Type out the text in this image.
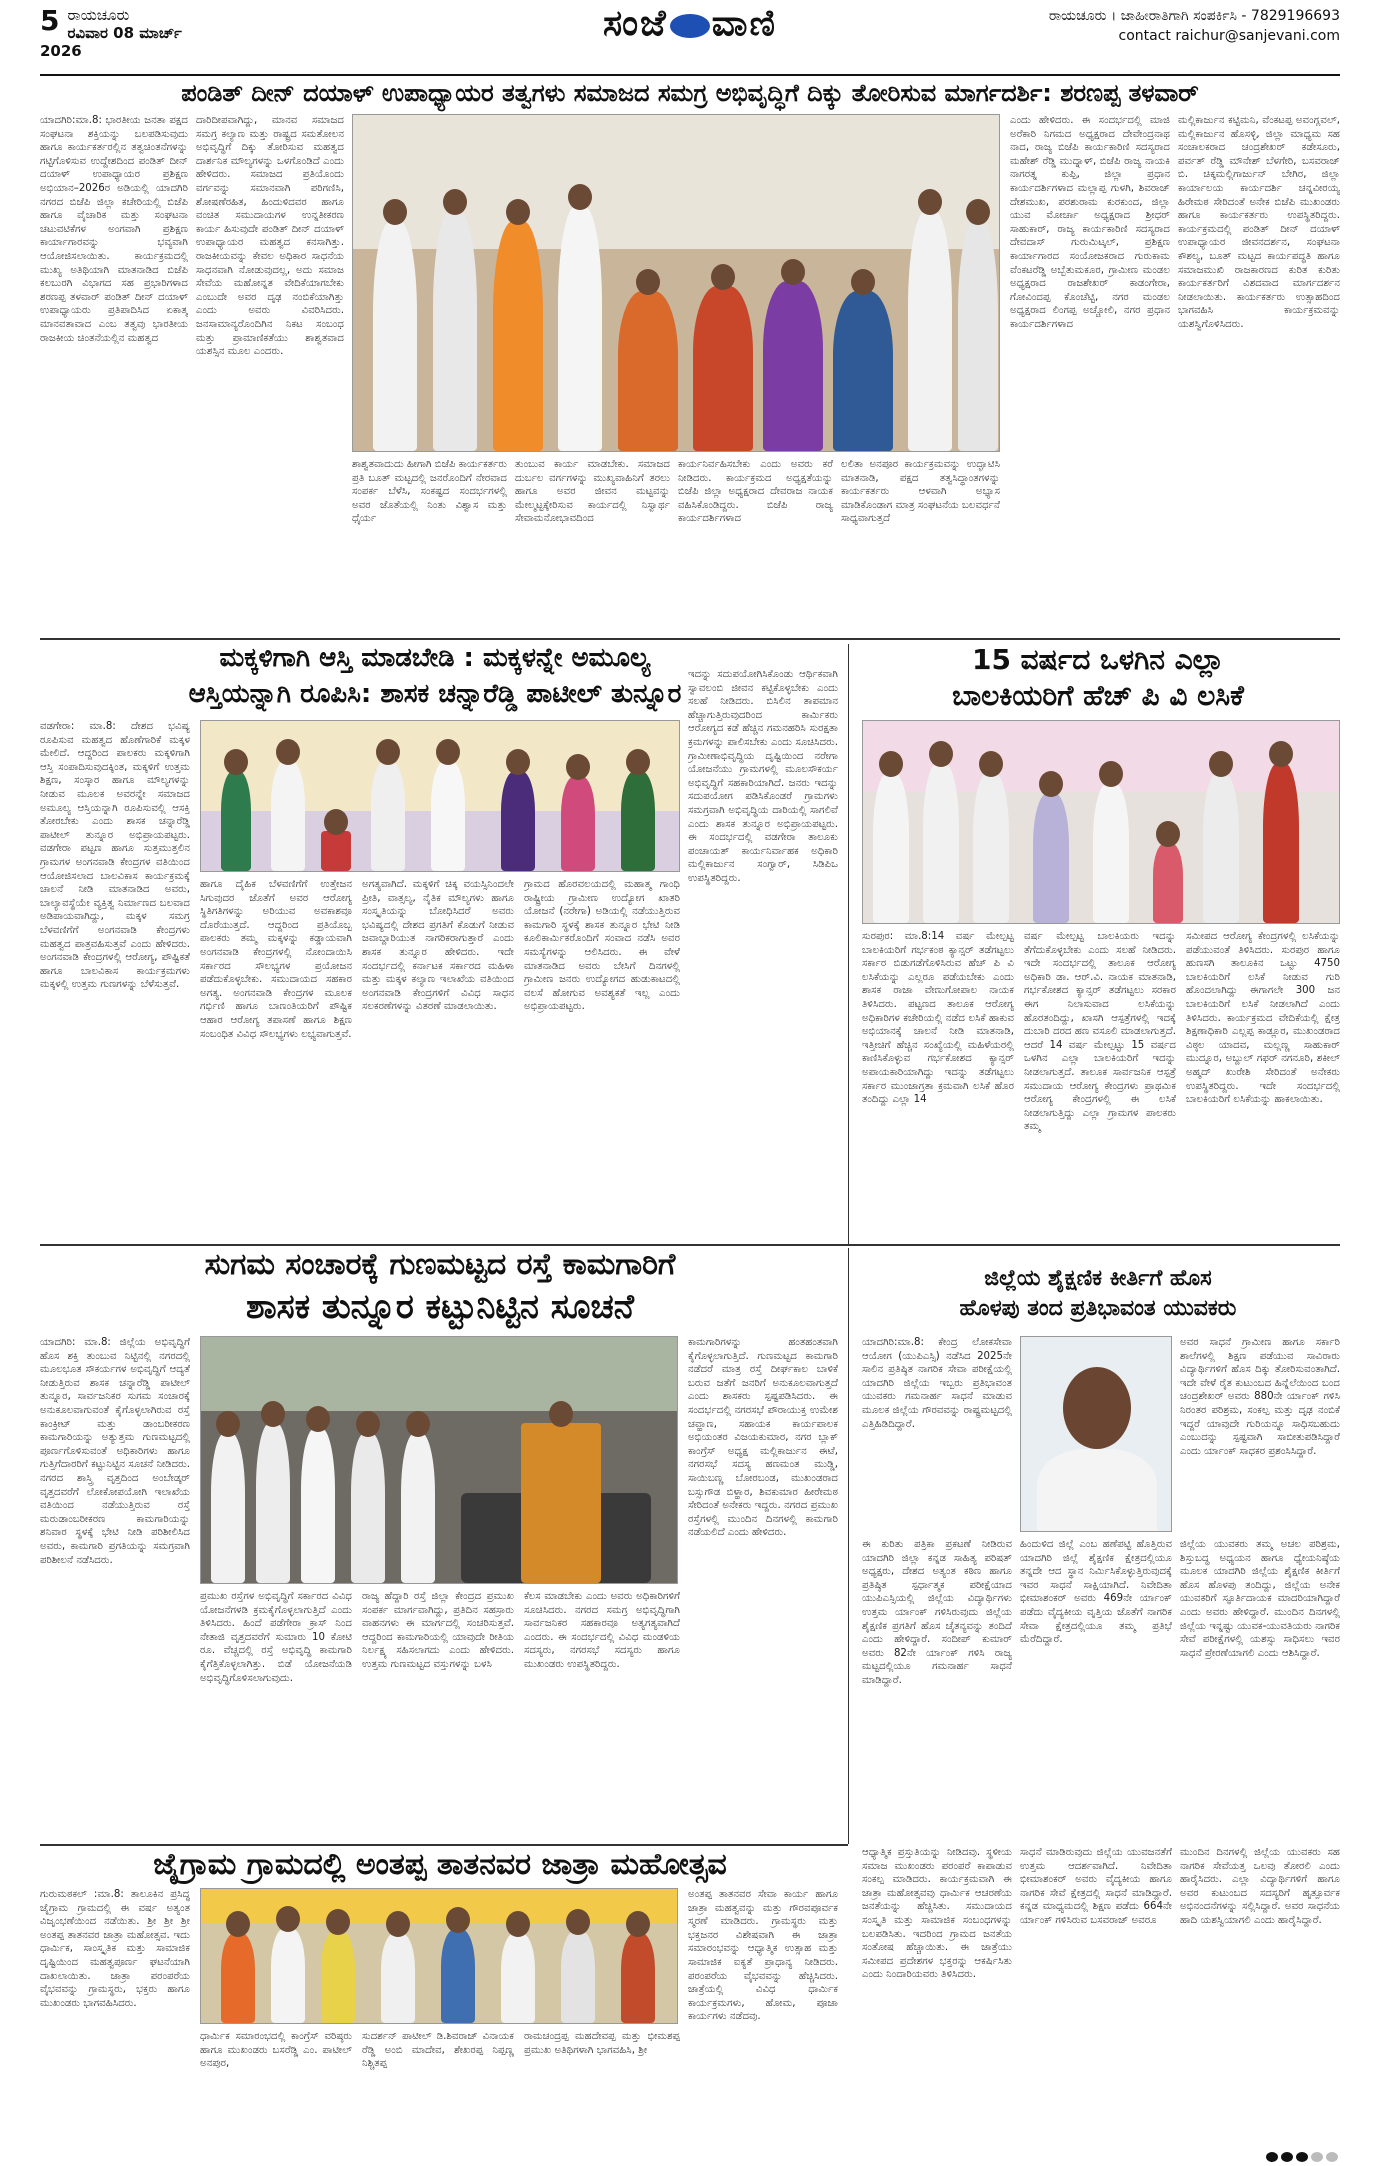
5 ರಾಯಚೂರು
ರವಿವಾರ 08 ಮಾರ್ಚ್ 2026
ಸಂಜೆ ವಾಣಿ	ರಾಯಚೂರು । ಜಾಹೀರಾತಿಗಾಗಿ ಸಂಪರ್ಕಿಸಿ - 7829196693
contact raichur@sanjevani.com
ಪಂಡಿತ್ ದೀನ್ ದಯಾಳ್ ಉಪಾಧ್ಯಾಯರ ತತ್ವಗಳು ಸಮಾಜದ ಸಮಗ್ರ ಅಭಿವೃದ್ಧಿಗೆ ದಿಕ್ಕು ತೋರಿಸುವ ಮಾರ್ಗದರ್ಶಿ: ಶರಣಪ್ಪ ತಳವಾರ್
ಯಾದಗಿರಿ:ಮಾ.8: ಭಾರತೀಯ ಜನತಾ ಪಕ್ಷದ ಸಂಘಟನಾ ಶಕ್ತಿಯನ್ನು ಬಲಪಡಿಸುವುದು ಹಾಗೂ ಕಾರ್ಯಕರ್ತರಲ್ಲಿನ ತತ್ವಚಿಂತನೆಗಳನ್ನು ಗಟ್ಟಿಗೊಳಿಸುವ ಉದ್ದೇಶದಿಂದ ಪಂಡಿತ್ ದೀನ್ ದಯಾಳ್ ಉಪಾಧ್ಯಾಯರ ಪ್ರಶಿಕ್ಷಣ ಅಭಿಯಾನ–2026ರ ಅಡಿಯಲ್ಲಿ ಯಾದಗಿರಿ ನಗರದ ಬಿಜೆಪಿ ಜಿಲ್ಲಾ ಕಚೇರಿಯಲ್ಲಿ ಬಿಜೆಪಿ ಹಾಗೂ ವೈಚಾರಿಕ ಮತ್ತು ಸಂಘಟನಾ ಚಟುವಟಿಕೆಗಳ ಅಂಗವಾಗಿ ಪ್ರಶಿಕ್ಷಣ ಕಾರ್ಯಾಗಾರವನ್ನು ಭವ್ಯವಾಗಿ ಆಯೋಜಿಸಲಾಯಿತು. ಕಾರ್ಯಕ್ರಮದಲ್ಲಿ ಮುಖ್ಯ ಅತಿಥಿಯಾಗಿ ಮಾತನಾಡಿದ ಬಿಜೆಪಿ ಕಲಬುರಗಿ ವಿಭಾಗದ ಸಹ ಪ್ರಭಾರಿಗಳಾದ ಶರಣಪ್ಪ ತಳವಾರ್ ಪಂಡಿತ್ ದೀನ್ ದಯಾಳ್ ಉಪಾಧ್ಯಾಯರು ಪ್ರತಿಪಾದಿಸಿದ ಏಕಾತ್ಮ ಮಾನವತಾವಾದ ಎಂಬ ತತ್ವವು ಭಾರತೀಯ ರಾಜಕೀಯ ಚಿಂತನೆಯಲ್ಲಿನ ಮಹತ್ವದ
ದಾರಿದೀಪವಾಗಿದ್ದು, ಮಾನವ ಸಮಾಜದ ಸಮಗ್ರ ಕಲ್ಯಾಣ ಮತ್ತು ರಾಷ್ಟ್ರದ ಸಮತೋಲನ ಅಭಿವೃದ್ಧಿಗೆ ದಿಕ್ಕು ತೋರಿಸುವ ಮಹತ್ವದ ದಾರ್ಶನಿಕ ಮೌಲ್ಯಗಳನ್ನು ಒಳಗೊಂಡಿದೆ ಎಂದು ಹೇಳಿದರು. ಸಮಾಜದ ಪ್ರತಿಯೊಂದು ವರ್ಗವನ್ನು ಸಮಾನವಾಗಿ ಪರಿಗಣಿಸಿ, ಶೋಷಣೆರಹಿತ, ಹಿಂದುಳಿದವರ ಹಾಗೂ ವಂಚಿತ ಸಮುದಾಯಗಳ ಉನ್ನತೀಕರಣ ಕಾರ್ಯ ಹಿಸುವುದೇ ಪಂಡಿತ್ ದೀನ್ ದಯಾಳ್ ಉಪಾಧ್ಯಾಯರ ಮಹತ್ವದ ಕನಸಾಗಿತ್ತು. ರಾಜಕೀಯವನ್ನು ಕೇವಲ ಅಧಿಕಾರ ಸಾಧನೆಯ ಸಾಧನವಾಗಿ ನೋಡುವುದಲ್ಲ, ಅದು ಸಮಾಜ ಸೇವೆಯ ಮಹೋನ್ನತ ವೇದಿಕೆಯಾಗಬೇಕು ಎಂಬುದೇ ಅವರ ದೃಢ ನಂಬಿಕೆಯಾಗಿತ್ತು ಎಂದು ಅವರು ವಿವರಿಸಿದರು. ಜನಸಾಮಾನ್ಯರೊಂದಿಗಿನ ನಿಕಟ ಸಂಬಂಧ ಮತ್ತು ಪ್ರಾಮಾಣಿಕತೆಯು ಶಾಶ್ವತವಾದ ಯಶಸ್ಸಿನ ಮೂಲ ಎಂದರು.
ಶಾಶ್ವತವಾದುದು ಹೀಗಾಗಿ ಬಿಜೆಪಿ ಕಾರ್ಯಕರ್ತರು ಪ್ರತಿ ಬೂತ್ ಮಟ್ಟದಲ್ಲಿ ಜನರೊಂದಿಗೆ ನೇರವಾದ ಸಂಪರ್ಕ ಬೆಳೆಸಿ, ಸಂಕಷ್ಟದ ಸಂದರ್ಭಗಳಲ್ಲಿ ಅವರ ಜೊತೆಯಲ್ಲಿ ನಿಂತು ವಿಶ್ವಾಸ ಮತ್ತು ಧೈರ್ಯ
ತುಂಬುವ ಕಾರ್ಯ ಮಾಡಬೇಕು. ಸಮಾಜದ ದುರ್ಬಲ ವರ್ಗಗಳನ್ನು ಮುಖ್ಯವಾಹಿನಿಗೆ ತರಲು ಹಾಗೂ ಅವರ ಜೀವನ ಮಟ್ಟವನ್ನು ಮೇಲ್ಮಟ್ಟಕ್ಕೇರಿಸುವ ಕಾರ್ಯದಲ್ಲಿ ನಿಸ್ವಾರ್ಥ ಸೇವಾಮನೋಭಾವದಿಂದ
ಕಾರ್ಯನಿರ್ವಹಿಸಬೇಕು ಎಂದು ಅವರು ಕರೆ ನೀಡಿದರು. ಕಾರ್ಯಕ್ರಮದ ಅಧ್ಯಕ್ಷತೆಯನ್ನು ಬಿಜೆಪಿ ಜಿಲ್ಲಾ ಅಧ್ಯಕ್ಷರಾದ ದೇವರಾಜ ನಾಯಕ ವಹಿಸಿಕೊಂಡಿದ್ದರು. ಬಿಜೆಪಿ ರಾಜ್ಯ ಕಾರ್ಯದರ್ಶಿಗಳಾದ
ಲಲಿತಾ ಅನಪೂರ ಕಾರ್ಯಕ್ರಮವನ್ನು ಉದ್ಘಾಟಿಸಿ ಮಾತನಾಡಿ, ಪಕ್ಷದ ತತ್ವಸಿದ್ಧಾಂತಗಳನ್ನು ಕಾರ್ಯಕರ್ತರು ಆಳವಾಗಿ ಅಭ್ಯಾಸ ಮಾಡಿಕೊಂಡಾಗ ಮಾತ್ರ ಸಂಘಟನೆಯ ಬಲವರ್ಧನೆ ಸಾಧ್ಯವಾಗುತ್ತದೆ
ಎಂದು ಹೇಳಿದರು. ಈ ಸಂದರ್ಭದಲ್ಲಿ ಮಾಜಿ ಅರೆಕಾರಿ ನಿಗಮದ ಅಧ್ಯಕ್ಷರಾದ ದೇವೇಂದ್ರನಾಥ ನಾದ, ರಾಜ್ಯ ಬಿಜೆಪಿ ಕಾರ್ಯಕಾರಿಣಿ ಸದಸ್ಯರಾದ ಮಹೇಶ್ ರೆಡ್ಡಿ ಮುದ್ನಾಳ್, ಬಿಜೆಪಿ ರಾಜ್ಯ ನಾಯಕಿ ನಾಗರತ್ನ ಕುಪ್ಪಿ, ಜಿಲ್ಲಾ ಪ್ರಧಾನ ಕಾರ್ಯದರ್ಶಿಗಳಾದ ಮಲ್ಲಾಪ್ಪ ಗುಳಗಿ, ಶಿವರಾಜ್ ದೇಶಮುಖ, ಪರಶುರಾಮ ಕುರಕುಂದ, ಜಿಲ್ಲಾ ಯುವ ಮೋರ್ಚಾ ಅಧ್ಯಕ್ಷರಾದ ಶ್ರೀಧರ್ ಸಾಹುಕಾರ್, ರಾಜ್ಯ ಕಾರ್ಯಕಾರಿಣಿ ಸದಸ್ಯರಾದ ದೇವದಾಸ್ ಗುರುಮಿಟ್ಕಲ್, ಪ್ರಶಿಕ್ಷಣ ಕಾರ್ಯಾಗಾರದ ಸಂಯೋಜಕರಾದ ಗುರುಕಾಮ ವೆಂಕಟರೆಡ್ಡಿ ಅಬ್ಬೆತುಮಕೂರ, ಗ್ರಾಮೀಣ ಮಂಡಲ ಅಧ್ಯಕ್ಷರಾದ ರಾಜಶೇಖರ್ ಕಾಡಂಗೇರಾ, ಗೋವಿಂದಪ್ಪ ಕೊಂಚೆಟ್ಟಿ, ನಗರ ಮಂಡಲ ಅಧ್ಯಕ್ಷರಾದ ಲಿಂಗಪ್ಪ ಅಚ್ಚೋಲಿ, ನಗರ ಪ್ರಧಾನ ಕಾರ್ಯದರ್ಶಿಗಳಾದ
ಮಲ್ಲಿಕಾರ್ಜುನ ಕಟ್ಟಿಮನಿ, ವೆಂಕಟಪ್ಪ ಅವಂಗ್ಲವಲ್, ಮಲ್ಲಿಕಾರ್ಜುನ ಹೊಸಳ್ಳಿ, ಜಿಲ್ಲಾ ಮಾಧ್ಯಮ ಸಹ ಸಂಚಾಲಕರಾದ ಚಂದ್ರಶೇಖರ್ ಕಡೇಸೂರು, ಪರ್ವತ್ ರೆಡ್ಡಿ ಮೌನೇಶ್ ಬೆಳಗೇರಿ, ಬಸವರಾಜ್ ಬಿ. ಚಿಕ್ಕಮಲ್ಲಿಗಾರ್ಜುನ್ ಬೇಗಿರ, ಜಿಲ್ಲಾ ಕಾರ್ಯಾಲಯ ಕಾರ್ಯದರ್ಶಿ ಚನ್ನವೀರಯ್ಯ ಹಿರೇಮಠ ಸೇರಿದಂತೆ ಅನೇಕ ಬಿಜೆಪಿ ಮುಖಂಡರು ಹಾಗೂ ಕಾರ್ಯಕರ್ತರು ಉಪಸ್ಥಿತರಿದ್ದರು. ಕಾರ್ಯಕ್ರಮದಲ್ಲಿ ಪಂಡಿತ್ ದೀನ್ ದಯಾಳ್ ಉಪಾಧ್ಯಾಯರ ಜೀವನದರ್ಶನ, ಸಂಘಟನಾ ಕೌಶಲ್ಯ, ಬೂತ್ ಮಟ್ಟದ ಕಾರ್ಯಪದ್ಧತಿ ಹಾಗೂ ಸಮಾಜಮುಖಿ ರಾಜಕಾರಣದ ಕುರಿತ ಕುರಿತು ಕಾರ್ಯಕರ್ತರಿಗೆ ವಿಶದವಾದ ಮಾರ್ಗದರ್ಶನ ನೀಡಲಾಯಿತು. ಕಾರ್ಯಕರ್ತರು ಉತ್ಸಾಹದಿಂದ ಭಾಗವಹಿಸಿ ಕಾರ್ಯಕ್ರಮವನ್ನು ಯಶಸ್ವಿಗೊಳಿಸಿದರು.
ಮಕ್ಕಳಿಗಾಗಿ ಆಸ್ತಿ ಮಾಡಬೇಡಿ : ಮಕ್ಕಳನ್ನೇ ಅಮೂಲ್ಯ
ಆಸ್ತಿಯನ್ನಾಗಿ ರೂಪಿಸಿ: ಶಾಸಕ ಚನ್ನಾರೆಡ್ಡಿ ಪಾಟೀಲ್ ತುನ್ನೂರ
ವಡಗೇರಾ: ಮಾ.8: ದೇಶದ ಭವಿಷ್ಯ ರೂಪಿಸುವ ಮಹತ್ವದ ಹೊಣೆಗಾರಿಕೆ ಮಕ್ಕಳ ಮೇಲಿದೆ. ಆದ್ದರಿಂದ ಪಾಲಕರು ಮಕ್ಕಳಿಗಾಗಿ ಆಸ್ತಿ ಸಂಪಾದಿಸುವುದಕ್ಕಿಂತ, ಮಕ್ಕಳಿಗೆ ಉತ್ತಮ ಶಿಕ್ಷಣ, ಸಂಸ್ಕಾರ ಹಾಗೂ ಮೌಲ್ಯಗಳನ್ನು ನೀಡುವ ಮೂಲಕ ಅವರನ್ನೇ ಸಮಾಜದ ಅಮೂಲ್ಯ ಆಸ್ತಿಯನ್ನಾಗಿ ರೂಪಿಸುವಲ್ಲಿ ಆಸಕ್ತಿ ತೋರಬೇಕು ಎಂದು ಶಾಸಕ ಚನ್ನಾರೆಡ್ಡಿ ಪಾಟೀಲ್ ತುನ್ನೂರ ಅಭಿಪ್ರಾಯಪಟ್ಟರು. ವಡಗೇರಾ ಪಟ್ಟಣ ಹಾಗೂ ಸುತ್ತಮುತ್ತಲಿನ ಗ್ರಾಮಗಳ ಅಂಗನವಾಡಿ ಕೇಂದ್ರಗಳ ವತಿಯಿಂದ ಆಯೋಜಿಸಲಾದ ಬಾಲವಿಕಾಸ ಕಾರ್ಯಕ್ರಮಕ್ಕೆ ಚಾಲನೆ ನೀಡಿ ಮಾತನಾಡಿದ ಅವರು, ಬಾಲ್ಯಾವಸ್ಥೆಯೇ ವ್ಯಕ್ತಿತ್ವ ನಿರ್ಮಾಣದ ಬಲವಾದ ಅಡಿಪಾಯವಾಗಿದ್ದು, ಮಕ್ಕಳ ಸಮಗ್ರ ಬೆಳವಣಿಗೆಗೆ ಅಂಗನವಾಡಿ ಕೇಂದ್ರಗಳು ಮಹತ್ವದ ಪಾತ್ರವಹಿಸುತ್ತವೆ ಎಂದು ಹೇಳಿದರು. ಅಂಗನವಾಡಿ ಕೇಂದ್ರಗಳಲ್ಲಿ ಆರೋಗ್ಯ, ಪೌಷ್ಟಿಕತೆ ಹಾಗೂ ಬಾಲವಿಕಾಸ ಕಾರ್ಯಕ್ರಮಗಳು ಮಕ್ಕಳಲ್ಲಿ ಉತ್ತಮ ಗುಣಗಳನ್ನು ಬೆಳೆಸುತ್ತವೆ.
ಹಾಗೂ ದೈಹಿಕ ಬೆಳವಣಿಗೆಗೆ ಉತ್ತೇಜನ ಸಿಗುವುದರ ಜೊತೆಗೆ ಅವರ ಆರೋಗ್ಯ ಸ್ಥಿತಿಗತಿಗಳನ್ನು ಅರಿಯುವ ಅವಕಾಶವೂ ದೊರೆಯುತ್ತದೆ. ಆದ್ದರಿಂದ ಪ್ರತಿಯೊಬ್ಬ ಪಾಲಕರು ತಮ್ಮ ಮಕ್ಕಳನ್ನು ಕಡ್ಡಾಯವಾಗಿ ಅಂಗನವಾಡಿ ಕೇಂದ್ರಗಳಲ್ಲಿ ನೋಂದಾಯಿಸಿ ಸರ್ಕಾರದ ಸೌಲಭ್ಯಗಳ ಪ್ರಯೋಜನ ಪಡೆದುಕೊಳ್ಳಬೇಕು. ಸಮುದಾಯದ ಸಹಕಾರ ಅಗತ್ಯ. ಅಂಗನವಾಡಿ ಕೇಂದ್ರಗಳ ಮೂಲಕ ಗರ್ಭಿಣಿ ಹಾಗೂ ಬಾಣಂತಿಯರಿಗೆ ಪೌಷ್ಟಿಕ ಆಹಾರ ಆರೋಗ್ಯ ತಪಾಸಣೆ ಹಾಗೂ ಶಿಕ್ಷಣ ಸಂಬಂಧಿತ ವಿವಿಧ ಸೌಲಭ್ಯಗಳು ಲಭ್ಯವಾಗುತ್ತವೆ.
ಅಗತ್ಯವಾಗಿದೆ. ಮಕ್ಕಳಿಗೆ ಚಿಕ್ಕ ವಯಸ್ಸಿನಿಂದಲೇ ಪ್ರೀತಿ, ವಾತ್ಸಲ್ಯ, ನೈತಿಕ ಮೌಲ್ಯಗಳು ಹಾಗೂ ಸಂಸ್ಕೃತಿಯನ್ನು ಬೋಧಿಸಿದರೆ ಅವರು ಭವಿಷ್ಯದಲ್ಲಿ ದೇಶದ ಪ್ರಗತಿಗೆ ಕೊಡುಗೆ ನೀಡುವ ಜವಾಬ್ದಾರಿಯುತ ನಾಗರಿಕರಾಗುತ್ತಾರೆ ಎಂದು ಶಾಸಕ ತುನ್ನೂರ ಹೇಳಿದರು. ಇದೇ ಸಂದರ್ಭದಲ್ಲಿ ಕರ್ನಾಟಕ ಸರ್ಕಾರದ ಮಹಿಳಾ ಮತ್ತು ಮಕ್ಕಳ ಕಲ್ಯಾಣ ಇಲಾಖೆಯ ವತಿಯಿಂದ ಅಂಗನವಾಡಿ ಕೇಂದ್ರಗಳಿಗೆ ವಿವಿಧ ಸಾಧನ ಸಲಕರಣೆಗಳನ್ನು ವಿತರಣೆ ಮಾಡಲಾಯಿತು.
ಗ್ರಾಮದ ಹೊರವಲಯದಲ್ಲಿ ಮಹಾತ್ಮ ಗಾಂಧಿ ರಾಷ್ಟ್ರೀಯ ಗ್ರಾಮೀಣ ಉದ್ಯೋಗ ಖಾತರಿ ಯೋಜನೆ (ನರೇಗಾ) ಅಡಿಯಲ್ಲಿ ನಡೆಯುತ್ತಿರುವ ಕಾಮಗಾರಿ ಸ್ಥಳಕ್ಕೆ ಶಾಸಕ ತುನ್ನೂರ ಭೇಟಿ ನೀಡಿ ಕೂಲಿಕಾರ್ಮಿಕರೊಂದಿಗೆ ಸಂವಾದ ನಡೆಸಿ ಅವರ ಸಮಸ್ಯೆಗಳನ್ನು ಆಲಿಸಿದರು. ಈ ವೇಳೆ ಮಾತನಾಡಿದ ಅವರು ಬೇಸಿಗೆ ದಿನಗಳಲ್ಲಿ ಗ್ರಾಮೀಣ ಜನರು ಉದ್ಯೋಗದ ಹುಡುಕಾಟದಲ್ಲಿ ವಲಸೆ ಹೋಗುವ ಅವಶ್ಯಕತೆ ಇಲ್ಲ ಎಂದು ಅಭಿಪ್ರಾಯಪಟ್ಟರು.
ಇದನ್ನು ಸದುಪಯೋಗಿಸಿಕೊಂಡು ಆರ್ಥಿಕವಾಗಿ ಸ್ವಾವಲಂಬಿ ಜೀವನ ಕಟ್ಟಿಕೊಳ್ಳಬೇಕು ಎಂದು ಸಲಹೆ ನೀಡಿದರು. ಬಿಸಿಲಿನ ತಾಪಮಾನ ಹೆಚ್ಚಾಗುತ್ತಿರುವುದರಿಂದ ಕಾರ್ಮಿಕರು ಆರೋಗ್ಯದ ಕಡೆ ಹೆಚ್ಚಿನ ಗಮನಹರಿಸಿ ಸುರಕ್ಷತಾ ಕ್ರಮಗಳನ್ನು ಪಾಲಿಸಬೇಕು ಎಂದು ಸೂಚಿಸಿದರು. ಗ್ರಾಮೀಣಾಭಿವೃದ್ಧಿಯ ದೃಷ್ಟಿಯಿಂದ ನರೇಗಾ ಯೋಜನೆಯು ಗ್ರಾಮಗಳಲ್ಲಿ ಮೂಲಸೌಕರ್ಯ ಅಭಿವೃದ್ಧಿಗೆ ಸಹಕಾರಿಯಾಗಿದೆ. ಜನರು ಇದನ್ನು ಸದುಪಯೋಗ ಪಡಿಸಿಕೊಂಡರೆ ಗ್ರಾಮಗಳು ಸಮಗ್ರವಾಗಿ ಅಭಿವೃದ್ಧಿಯ ದಾರಿಯಲ್ಲಿ ಸಾಗಲಿವೆ ಎಂದು ಶಾಸಕ ತುನ್ನೂರ ಅಭಿಪ್ರಾಯಪಟ್ಟರು. ಈ ಸಂದರ್ಭದಲ್ಲಿ ವಡಗೇರಾ ತಾಲೂಕು ಪಂಚಾಯತ್ ಕಾರ್ಯನಿರ್ವಾಹಕ ಅಧಿಕಾರಿ ಮಲ್ಲಿಕಾರ್ಜುನ ಸಂಗ್ವಾರ್, ಸಿಡಿಪಿಒ ಉಪಸ್ಥಿತರಿದ್ದರು.
15 ವರ್ಷದ ಒಳಗಿನ ಎಲ್ಲಾ
ಬಾಲಕಿಯರಿಗೆ ಹೆಚ್ ಪಿ ವಿ ಲಸಿಕೆ
ಸುರಪುರ: ಮಾ.8:14 ವರ್ಷ ಮೇಲ್ಪಟ್ಟ ಬಾಲಕಿಯರಿಗೆ ಗರ್ಭಕಂಠ ಕ್ಯಾನ್ಸರ್ ತಡೆಗಟ್ಟಲು ಸರ್ಕಾರ ಬಿಡುಗಡೆಗೊಳಿಸಿರುವ ಹೆಚ್ ಪಿ ವಿ ಲಸಿಕೆಯನ್ನು ಎಲ್ಲರೂ ಪಡೆಯಬೇಕು ಎಂದು ಶಾಸಕ ರಾಜಾ ವೇಣುಗೋಪಾಲ ನಾಯಕ ತಿಳಿಸಿದರು. ಪಟ್ಟಣದ ತಾಲೂಕ ಆರೋಗ್ಯ ಅಧಿಕಾರಿಗಳ ಕಚೇರಿಯಲ್ಲಿ ನಡೆದ ಲಸಿಕೆ ಹಾಕುವ ಅಭಿಯಾನಕ್ಕೆ ಚಾಲನೆ ನೀಡಿ ಮಾತನಾಡಿ, ಇತ್ತೀಚಿಗೆ ಹೆಚ್ಚಿನ ಸಂಖ್ಯೆಯಲ್ಲಿ ಮಹಿಳೆಯರಲ್ಲಿ ಕಾಣಿಸಿಕೊಳ್ಳುವ ಗರ್ಭಕೋಶದ ಕ್ಯಾನ್ಸರ್ ಅಪಾಯಕಾರಿಯಾಗಿದ್ದು ಇದನ್ನು ತಡೆಗಟ್ಟಲು ಸರ್ಕಾರ ಮುಂಜಾಗ್ರತಾ ಕ್ರಮವಾಗಿ ಲಸಿಕೆ ಹೊರ ತಂದಿದ್ದು ಎಲ್ಲಾ 14
ವರ್ಷ ಮೇಲ್ಪಟ್ಟ ಬಾಲಕಿಯರು ಇದನ್ನು ತೆಗೆದುಕೊಳ್ಳಬೇಕು ಎಂದು ಸಲಹೆ ನೀಡಿದರು. ಇದೇ ಸಂದರ್ಭದಲ್ಲಿ ತಾಲೂಕ ಆರೋಗ್ಯ ಅಧಿಕಾರಿ ಡಾ. ಆರ್.ವಿ. ನಾಯಕ ಮಾತನಾಡಿ, ಗರ್ಭಕೋಶದ ಕ್ಯಾನ್ಸರ್ ತಡೆಗಟ್ಟಲು ಸರಕಾರ ಈಗ ನಿಲಾಸುವಾದ ಲಸಿಕೆಯನ್ನು ಹೊರತಂದಿದ್ದು, ಖಾಸಗಿ ಆಸ್ಪತ್ರೆಗಳಲ್ಲಿ ಇದಕ್ಕೆ ದುಬಾರಿ ದರದ ಹಣ ವಸೂಲಿ ಮಾಡಲಾಗುತ್ತದೆ. ಆದರೆ 14 ವರ್ಷ ಮೇಲ್ಪಟ್ಟು 15 ವರ್ಷದ ಒಳಗಿನ ಎಲ್ಲಾ ಬಾಲಕಿಯರಿಗೆ ಇದನ್ನು ನೀಡಲಾಗುತ್ತದೆ. ತಾಲೂಕ ಸಾರ್ವಜನಿಕ ಆಸ್ಪತ್ರೆ ಸಮುದಾಯ ಆರೋಗ್ಯ ಕೇಂದ್ರಗಳು ಪ್ರಾಥಮಿಕ ಆರೋಗ್ಯ ಕೇಂದ್ರಗಳಲ್ಲಿ ಈ ಲಸಿಕೆ ನೀಡಲಾಗುತ್ತಿದ್ದು ಎಲ್ಲಾ ಗ್ರಾಮಗಳ ಪಾಲಕರು ತಮ್ಮ
ಸಮೀಪದ ಆರೋಗ್ಯ ಕೇಂದ್ರಗಳಲ್ಲಿ ಲಸಿಕೆಯನ್ನು ಪಡೆಯುವಂತೆ ತಿಳಿಸಿದರು. ಸುರಪುರ ಹಾಗೂ ಹುಣಸಗಿ ತಾಲೂಕಿನ ಒಟ್ಟು 4750 ಬಾಲಕಿಯರಿಗೆ ಲಸಿಕೆ ನೀಡುವ ಗುರಿ ಹೊಂದಲಾಗಿದ್ದು ಈಗಾಗಲೇ 300 ಜನ ಬಾಲಕಿಯರಿಗೆ ಲಸಿಕೆ ನೀಡಲಾಗಿದೆ ಎಂದು ತಿಳಿಸಿದರು. ಕಾರ್ಯಕ್ರಮದ ವೇದಿಕೆಯಲ್ಲಿ ಕ್ಷೇತ್ರ ಶಿಕ್ಷಣಾಧಿಕಾರಿ ಎಲ್ಲಪ್ಪ ಕಾಡ್ಲೂರ, ಮುಖಂಡರಾದ ವಿಠ್ಠಲ ಯಾದವ, ಮಲ್ಲಣ್ಣ ಸಾಹುಕಾರ್ ಮುದ್ನೂರ, ಅಬ್ದುಲ್ ಗಫರ್ ನಗನೂರಿ, ಶಕೀಲ್ ಅಹ್ಮದ್ ಖುರೇಶಿ ಸೇರಿದಂತೆ ಅನೇಕರು ಉಪಸ್ಥಿತರಿದ್ದರು. ಇದೇ ಸಂದರ್ಭದಲ್ಲಿ ಬಾಲಕಿಯರಿಗೆ ಲಸಿಕೆಯನ್ನು ಹಾಕಲಾಯಿತು.
ಸುಗಮ ಸಂಚಾರಕ್ಕೆ ಗುಣಮಟ್ಟದ ರಸ್ತೆ ಕಾಮಗಾರಿಗೆ
ಶಾಸಕ ತುನ್ನೂರ ಕಟ್ಟುನಿಟ್ಟಿನ ಸೂಚನೆ
ಯಾದಗಿರಿ: ಮಾ.8: ಜಿಲ್ಲೆಯ ಅಭಿವೃದ್ಧಿಗೆ ಹೊಸ ಶಕ್ತಿ ತುಂಬುವ ನಿಟ್ಟಿನಲ್ಲಿ ನಗರದಲ್ಲಿ ಮೂಲಭೂತ ಸೌಕರ್ಯಗಳ ಅಭಿವೃದ್ಧಿಗೆ ಆದ್ಯತೆ ನೀಡುತ್ತಿರುವ ಶಾಸಕ ಚನ್ನಾರೆಡ್ಡಿ ಪಾಟೀಲ್ ತುನ್ನೂರ, ಸಾರ್ವಜನಿಕರ ಸುಗಮ ಸಂಚಾರಕ್ಕೆ ಅನುಕೂಲವಾಗುವಂತೆ ಕೈಗೊಳ್ಳಲಾಗಿರುವ ರಸ್ತೆ ಕಾಂಕ್ರೀಟ್ ಮತ್ತು ಡಾಂಬರೀಕರಣ ಕಾಮಗಾರಿಯನ್ನು ಅತ್ಯುತ್ತಮ ಗುಣಮಟ್ಟದಲ್ಲಿ ಪೂರ್ಣಗೊಳಿಸುವಂತೆ ಅಧಿಕಾರಿಗಳು ಹಾಗೂ ಗುತ್ತಿಗೆದಾರರಿಗೆ ಕಟ್ಟುನಿಟ್ಟಿನ ಸೂಚನೆ ನೀಡಿದರು. ನಗರದ ಶಾಸ್ತ್ರಿ ವೃತ್ತದಿಂದ ಅಂಬೇಡ್ಕರ್ ವೃತ್ತದವರೆಗೆ ಲೋಕೋಪಯೋಗಿ ಇಲಾಖೆಯ ವತಿಯಿಂದ ನಡೆಯುತ್ತಿರುವ ರಸ್ತೆ ಮರುಡಾಂಬರೀಕರಣ ಕಾಮಗಾರಿಯನ್ನು ಶನಿವಾರ ಸ್ಥಳಕ್ಕೆ ಭೇಟಿ ನೀಡಿ ಪರಿಶೀಲಿಸಿದ ಅವರು, ಕಾಮಗಾರಿ ಪ್ರಗತಿಯನ್ನು ಸಮಗ್ರವಾಗಿ ಪರಿಶೀಲನೆ ನಡೆಸಿದರು.
ಪ್ರಮುಖ ರಸ್ತೆಗಳ ಅಭಿವೃದ್ಧಿಗೆ ಸರ್ಕಾರದ ವಿವಿಧ ಯೋಜನೆಗಳಡಿ ಕ್ರಮಕೈಗೊಳ್ಳಲಾಗುತ್ತಿದೆ ಎಂದು ತಿಳಿಸಿದರು. ಹಿಂದೆ ಪಡೆಗೇರಾ ಕ್ರಾಸ್ ನಿಂದ ನೇತಾಜಿ ವೃತ್ತದವರೆಗೆ ಸುಮಾರು 10 ಕೋಟಿ ರೂ. ವೆಚ್ಚದಲ್ಲಿ ರಸ್ತೆ ಅಭಿವೃದ್ಧಿ ಕಾಮಗಾರಿ ಕೈಗೆತ್ತಿಕೊಳ್ಳಲಾಗಿತ್ತು. ಬಿಡೆ ಯೋಜನೆಯಡಿ ಅಭಿವೃದ್ಧಿಗೊಳಿಸಲಾಗುವುದು.
ರಾಜ್ಯ ಹೆದ್ದಾರಿ ರಸ್ತೆ ಜಿಲ್ಲಾ ಕೇಂದ್ರದ ಪ್ರಮುಖ ಸಂಪರ್ಕ ಮಾರ್ಗವಾಗಿದ್ದು, ಪ್ರತಿದಿನ ಸಹಸ್ರಾರು ವಾಹನಗಳು ಈ ಮಾರ್ಗದಲ್ಲಿ ಸಂಚರಿಸುತ್ತವೆ. ಆದ್ದರಿಂದ ಕಾಮಗಾರಿಯಲ್ಲಿ ಯಾವುದೇ ರೀತಿಯ ನಿರ್ಲಕ್ಷ್ಯ ಸಹಿಸಲಾಗದು ಎಂದು ಹೇಳಿದರು. ಉತ್ತಮ ಗುಣಮಟ್ಟದ ವಸ್ತುಗಳನ್ನು ಬಳಸಿ
ಕೆಲಸ ಮಾಡಬೇಕು ಎಂದು ಅವರು ಅಧಿಕಾರಿಗಳಿಗೆ ಸೂಚಿಸಿದರು. ನಗರದ ಸಮಗ್ರ ಅಭಿವೃದ್ಧಿಗಾಗಿ ಸಾರ್ವಜನಿಕರ ಸಹಕಾರವೂ ಅತ್ಯಗತ್ಯವಾಗಿದೆ ಎಂದರು. ಈ ಸಂದರ್ಭದಲ್ಲಿ ವಿವಿಧ ಮಂಡಳಿಯ ಸದಸ್ಯರು, ನಗರಸಭೆ ಸದಸ್ಯರು ಹಾಗೂ ಮುಖಂಡರು ಉಪಸ್ಥಿತರಿದ್ದರು.
ಕಾಮಗಾರಿಗಳನ್ನು ಹಂತಹಂತವಾಗಿ ಕೈಗೊಳ್ಳಲಾಗುತ್ತಿದೆ. ಗುಣಮಟ್ಟದ ಕಾಮಗಾರಿ ನಡೆದರೆ ಮಾತ್ರ ರಸ್ತೆ ದೀರ್ಘಕಾಲ ಬಾಳಿಕೆ ಬರುವ ಜತೆಗೆ ಜನರಿಗೆ ಅನುಕೂಲವಾಗುತ್ತದೆ ಎಂದು ಶಾಸಕರು ಸ್ಪಷ್ಟಪಡಿಸಿದರು. ಈ ಸಂದರ್ಭದಲ್ಲಿ ನಗರಸಭೆ ಪೌರಾಯುಕ್ತ ಉಮೇಶ ಚವ್ಹಾಣ, ಸಹಾಯಕ ಕಾರ್ಯಪಾಲಕ ಅಭಿಯಂತರ ವಿಜಯಕುಮಾರ, ನಗರ ಬ್ಲಾಕ್ ಕಾಂಗ್ರೆಸ್ ಅಧ್ಯಕ್ಷ ಮಲ್ಲಿಕಾರ್ಜುನ ಈಟೆ, ನಗರಸಭೆ ಸದಸ್ಯ ಹಣಮಂತ ಮುಡ್ಡಿ, ಸಾಯಿಬಣ್ಣ ಬೋರಬಂಡ, ಮುಖಂಡರಾದ ಬಸ್ಸುಗೌಡ ಬಿಳ್ಹಾರ, ಶಿವಕುಮಾರ ಹೀರೇಮಠ ಸೇರಿದಂತೆ ಅನೇಕರು ಇದ್ದರು. ನಗರದ ಪ್ರಮುಖ ರಸ್ತೆಗಳಲ್ಲಿ ಮುಂದಿನ ದಿನಗಳಲ್ಲಿ ಕಾಮಗಾರಿ ನಡೆಯಲಿದೆ ಎಂದು ಹೇಳಿದರು.
ಜಿಲ್ಲೆಯ ಶೈಕ್ಷಣಿಕ ಕೀರ್ತಿಗೆ ಹೊಸ
ಹೊಳಪು ತಂದ ಪ್ರತಿಭಾವಂತ ಯುವಕರು
ಯಾದಗಿರಿ:ಮಾ.8: ಕೇಂದ್ರ ಲೋಕಸೇವಾ ಆಯೋಗ (ಯುಪಿಎಸ್ಸಿ) ನಡೆಸಿದ 2025ನೇ ಸಾಲಿನ ಪ್ರತಿಷ್ಠಿತ ನಾಗರಿಕ ಸೇವಾ ಪರೀಕ್ಷೆಯಲ್ಲಿ ಯಾದಗಿರಿ ಜಿಲ್ಲೆಯ ಇಬ್ಬರು ಪ್ರತಿಭಾವಂತ ಯುವಕರು ಗಮನಾರ್ಹ ಸಾಧನೆ ಮಾಡುವ ಮೂಲಕ ಜಿಲ್ಲೆಯ ಗೌರವವನ್ನು ರಾಷ್ಟ್ರಮಟ್ಟದಲ್ಲಿ ಎತ್ತಿಹಿಡಿದಿದ್ದಾರೆ.
ಅವರ ಸಾಧನೆ ಗ್ರಾಮೀಣ ಹಾಗೂ ಸರ್ಕಾರಿ ಶಾಲೆಗಳಲ್ಲಿ ಶಿಕ್ಷಣ ಪಡೆಯುವ ಸಾವಿರಾರು ವಿದ್ಯಾರ್ಥಿಗಳಿಗೆ ಹೊಸ ದಿಕ್ಕು ತೋರಿಸುವಂತಾಗಿದೆ. ಇದೇ ವೇಳೆ ರೈತ ಕುಟುಂಬದ ಹಿನ್ನೆಲೆಯಿಂದ ಬಂದ ಚಂದ್ರಶೇಖರ್ ಅವರು 880ನೇ ರ್ಯಾಂಕ್ ಗಳಿಸಿ ನಿರಂತರ ಪರಿಶ್ರಮ, ಸಂಕಲ್ಪ ಮತ್ತು ದೃಢ ನಂಬಿಕೆ ಇದ್ದರೆ ಯಾವುದೇ ಗುರಿಯನ್ನೂ ಸಾಧಿಸಬಹುದು ಎಂಬುದನ್ನು ಸ್ಪಷ್ಟವಾಗಿ ಸಾಬೀತುಪಡಿಸಿದ್ದಾರೆ ಎಂದು ರ್ಯಾಂಕ್ ಸಾಧಕರ ಪ್ರಶಂಸಿಸಿದ್ದಾರೆ.
ಈ ಕುರಿತು ಪತ್ರಿಕಾ ಪ್ರಕಟಣೆ ನೀಡಿರುವ ಯಾದಗಿರಿ ಜಿಲ್ಲಾ ಕನ್ನಡ ಸಾಹಿತ್ಯ ಪರಿಷತ್ ಅಧ್ಯಕ್ಷರು, ದೇಶದ ಅತ್ಯಂತ ಕಠಿಣ ಹಾಗೂ ಪ್ರತಿಷ್ಠಿತ ಸ್ಪರ್ಧಾತ್ಮಕ ಪರೀಕ್ಷೆಯಾದ ಯುಪಿಎಸ್ಸಿಯಲ್ಲಿ ಜಿಲ್ಲೆಯ ವಿದ್ಯಾರ್ಥಿಗಳು ಉತ್ತಮ ರ್ಯಾಂಕ್ ಗಳಿಸಿರುವುದು ಜಿಲ್ಲೆಯ ಶೈಕ್ಷಣಿಕ ಪ್ರಗತಿಗೆ ಹೊಸ ಚೈತನ್ಯವನ್ನು ತಂದಿದೆ ಎಂದು ಹೇಳಿದ್ದಾರೆ. ಸಂದೀಪ್ ಕುಮಾರ್ ಅವರು 82ನೇ ರ್ಯಾಂಕ್ ಗಳಿಸಿ ರಾಜ್ಯ ಮಟ್ಟದಲ್ಲಿಯೂ ಗಮನಾರ್ಹ ಸಾಧನೆ ಮಾಡಿದ್ದಾರೆ.
ಹಿಂದುಳಿದ ಜಿಲ್ಲೆ ಎಂಬ ಹಣೆಪಟ್ಟಿ ಹೊತ್ತಿರುವ ಯಾದಗಿರಿ ಜಿಲ್ಲೆ ಶೈಕ್ಷಣಿಕ ಕ್ಷೇತ್ರದಲ್ಲಿಯೂ ತನ್ನದೇ ಆದ ಸ್ಥಾನ ನಿರ್ಮಿಸಿಕೊಳ್ಳುತ್ತಿರುವುದಕ್ಕೆ ಇವರ ಸಾಧನೆ ಸಾಕ್ಷಿಯಾಗಿದೆ. ನಿವೇದಿತಾ ಭೀಮಾಶಂಕರ್ ಅವರು 469ನೇ ರ್ಯಾಂಕ್ ಪಡೆದು ವೈದ್ಯಕೀಯ ವೃತ್ತಿಯ ಜೊತೆಗೆ ನಾಗರಿಕ ಸೇವಾ ಕ್ಷೇತ್ರದಲ್ಲಿಯೂ ತಮ್ಮ ಪ್ರತಿಭೆ ಮೆರೆದಿದ್ದಾರೆ.
ಜಿಲ್ಲೆಯ ಯುವಕರು ತಮ್ಮ ಅಚಲ ಪರಿಶ್ರಮ, ಶಿಸ್ತುಬದ್ಧ ಅಧ್ಯಯನ ಹಾಗೂ ಧ್ಯೇಯನಿಷ್ಠೆಯ ಮೂಲಕ ಯಾದಗಿರಿ ಜಿಲ್ಲೆಯ ಶೈಕ್ಷಣಿಕ ಕೀರ್ತಿಗೆ ಹೊಸ ಹೊಳಪು ತಂದಿದ್ದು, ಜಿಲ್ಲೆಯ ಅನೇಕ ಯುವಕರಿಗೆ ಸ್ಫೂರ್ತಿದಾಯಕ ಮಾದರಿಯಾಗಿದ್ದಾರೆ ಎಂದು ಅವರು ಹೇಳಿದ್ದಾರೆ. ಮುಂದಿನ ದಿನಗಳಲ್ಲಿ ಜಿಲ್ಲೆಯ ಇನ್ನಷ್ಟು ಯುವಕ-ಯುವತಿಯರು ನಾಗರಿಕ ಸೇವೆ ಪರೀಕ್ಷೆಗಳಲ್ಲಿ ಯಶಸ್ಸು ಸಾಧಿಸಲು ಇವರ ಸಾಧನೆ ಪ್ರೇರಣೆಯಾಗಲಿ ಎಂದು ಆಶಿಸಿದ್ದಾರೆ.
ಜೈಗ್ರಾಮ ಗ್ರಾಮದಲ್ಲಿ ಅಂತಪ್ಪ ತಾತನವರ ಜಾತ್ರಾ ಮಹೋತ್ಸವ
ಗುರುಮಠಕಲ್ :ಮಾ.8: ತಾಲೂಕಿನ ಪ್ರಸಿದ್ಧ ಜೈಗ್ರಾಮ ಗ್ರಾಮದಲ್ಲಿ ಈ ವರ್ಷ ಅತ್ಯಂತ ವಿಜೃಂಭಣೆಯಿಂದ ನಡೆಯಿತು. ಶ್ರೀ ಶ್ರೀ ಶ್ರೀ ಅಂತಪ್ಪ ತಾತನವರ ಜಾತ್ರಾ ಮಹೋತ್ಸವ. ಇದು ಧಾರ್ಮಿಕ, ಸಾಂಸ್ಕೃತಿಕ ಮತ್ತು ಸಾಮಾಜಿಕ ದೃಷ್ಟಿಯಿಂದ ಮಹತ್ವಪೂರ್ಣ ಘಟನೆಯಾಗಿ ದಾಖಲಾಯಿತು. ಜಾತ್ರಾ ಪರಂಪರೆಯ ವೈಭವವನ್ನು ಗ್ರಾಮಸ್ಥರು, ಭಕ್ತರು ಹಾಗೂ ಮುಖಂಡರು ಭಾಗವಹಿಸಿದರು.
ಧಾರ್ಮಿಕ ಸಮಾರಂಭದಲ್ಲಿ ಕಾಂಗ್ರೆಸ್ ವರಿಷ್ಠರು ಹಾಗೂ ಮುಖಂಡರು ಬಸರೆಡ್ಡಿ ಎಂ. ಪಾಟೀಲ್ ಅನಪುರ,
ಸುದರ್ಶನ್ ಪಾಟೀಲ್ ಡಿ.ಶಿವರಾಜ್ ವಿನಾಯಕ ರೆಡ್ಡಿ ಅಂಬಿ ಮಾದೇವ, ಶೇಖರಪ್ಪ ನಿಪ್ಪಣ್ಣ ನಿಶ್ಚಿತಪ್ಪ
ರಾಮಚಂದ್ರಪ್ಪ ಮಹದೇವಪ್ಪ ಮತ್ತು ಭೀಮಶಪ್ಪ ಪ್ರಮುಖ ಅತಿಥಿಗಳಾಗಿ ಭಾಗವಹಿಸಿ, ಶ್ರೀ
ಅಂತಪ್ಪ ತಾತನವರ ಸೇವಾ ಕಾರ್ಯ ಹಾಗೂ ಜಾತ್ರಾ ಮಹತ್ವವನ್ನು ಮತ್ತು ಗೌರವಪೂರ್ವಕ ಸ್ಮರಣೆ ಮಾಡಿದರು. ಗ್ರಾಮಸ್ಥರು ಮತ್ತು ಭಕ್ತಜನರ ವಿಶೇಷವಾಗಿ ಈ ಜಾತ್ರಾ ಸಮಾರಂಭವನ್ನು ಆಧ್ಯಾತ್ಮಿಕ ಉತ್ಸಾಹ ಮತ್ತು ಸಾಮಾಜಿಕ ಐಕ್ಯತೆ ಪ್ರಾಧಾನ್ಯ ನೀಡಿದರು. ಪರಂಪರೆಯ ವೈಭವವನ್ನು ಹೆಚ್ಚಿಸಿದರು. ಜಾತ್ರೆಯಲ್ಲಿ ವಿವಿಧ ಧಾರ್ಮಿಕ ಕಾರ್ಯಕ್ರಮಗಳು, ಹೋಮ, ಪೂಜಾ ಕಾರ್ಯಗಳು ನಡೆದವು.
ಆಧ್ಯಾತ್ಮಿಕ ಪ್ರಸ್ತುತಿಯನ್ನು ನೀಡಿದವು. ಸ್ಥಳೀಯ ಸಮಾಜ ಮುಖಂಡರು ಪರಂಪರೆ ಕಾಪಾಡುವ ಸಂಕಲ್ಪ ಮಾಡಿದರು. ಕಾರ್ಯಕ್ರಮವಾಗಿ ಈ ಜಾತ್ರಾ ಮಹೋತ್ಸವವು ಧಾರ್ಮಿಕ ಆಚರಣೆಯ ಜನತೆಯನ್ನು ಹೆಚ್ಚಿಸಿತು. ಸಮುದಾಯದ ಸಂಸ್ಕೃತಿ ಮತ್ತು ಸಾಮಾಜಿಕ ಸಂಬಂಧಗಳನ್ನು ಬಲಪಡಿಸಿತು. ಇದರಿಂದ ಗ್ರಾಮದ ಜನತೆಯ ಸಂತೋಷ ಹೆಚ್ಚಾಯಿತು. ಈ ಜಾತ್ರೆಯು ಸಮೀಪದ ಪ್ರದೇಶಗಳ ಭಕ್ತರನ್ನು ಆಕರ್ಷಿಸಿತು ಎಂದು ನಿಂದಾರಿಯವರು ತಿಳಿಸಿದರು.
ಸಾಧನೆ ಮಾಡಿರುವುದು ಜಿಲ್ಲೆಯ ಯುವಜನತೆಗೆ ಉತ್ತಮ ಆದರ್ಶವಾಗಿದೆ. ನಿವೇದಿತಾ ಭೀಮಾಶಂಕರ್ ಅವರು ವೈದ್ಯಕೀಯ ಹಾಗೂ ನಾಗರಿಕ ಸೇವೆ ಕ್ಷೇತ್ರದಲ್ಲಿ ಸಾಧನೆ ಮಾಡಿದ್ದಾರೆ. ಕನ್ನಡ ಮಾಧ್ಯಮದಲ್ಲಿ ಶಿಕ್ಷಣ ಪಡೆದು 664ನೇ ರ್ಯಾಂಕ್ ಗಳಿಸಿರುವ ಬಸವರಾಜ್ ಅವರೂ
ಮುಂದಿನ ದಿನಗಳಲ್ಲಿ ಜಿಲ್ಲೆಯ ಯುವಕರು ಸಹ ನಾಗರಿಕ ಸೇವೆಯತ್ತ ಒಲವು ತೋರಲಿ ಎಂದು ಹಾರೈಸಿದರು. ಎಲ್ಲಾ ವಿದ್ಯಾರ್ಥಿಗಳಿಗೆ ಹಾಗೂ ಅವರ ಕುಟುಂಬದ ಸದಸ್ಯರಿಗೆ ಹೃತ್ಪೂರ್ವಕ ಅಭಿನಂದನೆಗಳನ್ನು ಸಲ್ಲಿಸಿದ್ದಾರೆ. ಅವರ ಸಾಧನೆಯ ಹಾದಿ ಯಶಸ್ವಿಯಾಗಲಿ ಎಂದು ಹಾರೈಸಿದ್ದಾರೆ.
